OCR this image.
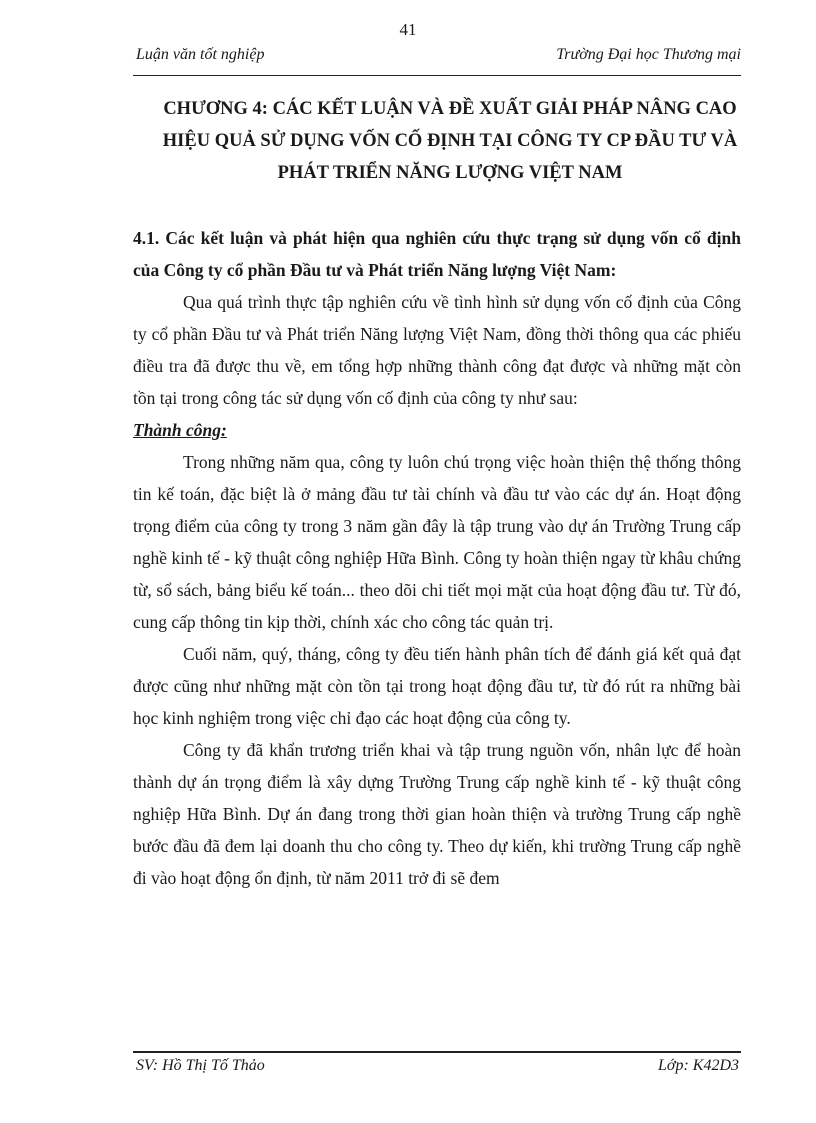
41
Luận văn tốt nghiệp	Trường Đại học Thương mại
CHƯƠNG 4: CÁC KẾT LUẬN VÀ ĐỀ XUẤT GIẢI PHÁP NÂNG CAO HIỆU QUẢ SỬ DỤNG VỐN CỐ ĐỊNH TẠI CÔNG TY CP ĐẦU TƯ VÀ PHÁT TRIỂN NĂNG LƯỢNG VIỆT NAM

4.1. Các kết luận và phát hiện qua nghiên cứu thực trạng sử dụng vốn cố định của Công ty cổ phần Đầu tư và Phát triển Năng lượng Việt Nam:

Qua quá trình thực tập nghiên cứu về tình hình sử dụng vốn cố định của Công ty cổ phần Đầu tư và Phát triển Năng lượng Việt Nam, đồng thời thông qua các phiếu điều tra đã được thu về, em tổng hợp những thành công đạt được và những mặt còn tồn tại trong công tác sử dụng vốn cố định của công ty như sau:

Thành công:

Trong những năm qua, công ty luôn chú trọng việc hoàn thiện thệ thống thông tin kế toán, đặc biệt là ở mảng đầu tư tài chính và đầu tư vào các dự án. Hoạt động trọng điểm của công ty trong 3 năm gần đây là tập trung vào dự án Trường Trung cấp nghề kinh tế - kỹ thuật công nghiệp Hữa Bình. Công ty hoàn thiện ngay từ khâu chứng từ, sổ sách, bảng biểu kế toán... theo dõi chi tiết mọi mặt của hoạt động đầu tư. Từ đó, cung cấp thông tin kịp thời, chính xác cho công tác quản trị.

Cuối năm, quý, tháng, công ty đều tiến hành phân tích để đánh giá kết quả đạt được cũng như những mặt còn tồn tại trong hoạt động đầu tư, từ đó rút ra những bài học kinh nghiệm trong việc chỉ đạo các hoạt động của công ty.

Công ty đã khẩn trương triển khai và tập trung nguồn vốn, nhân lực để hoàn thành dự án trọng điểm là xây dựng Trường Trung cấp nghề kinh tế - kỹ thuật công nghiệp Hữa Bình. Dự án đang trong thời gian hoàn thiện và trường Trung cấp nghề bước đầu đã đem lại doanh thu cho công ty. Theo dự kiến, khi trường Trung cấp nghề đi vào hoạt động ổn định, từ năm 2011 trở đi sẽ đem

SV: Hồ Thị Tố Thảo	Lớp: K42D3
